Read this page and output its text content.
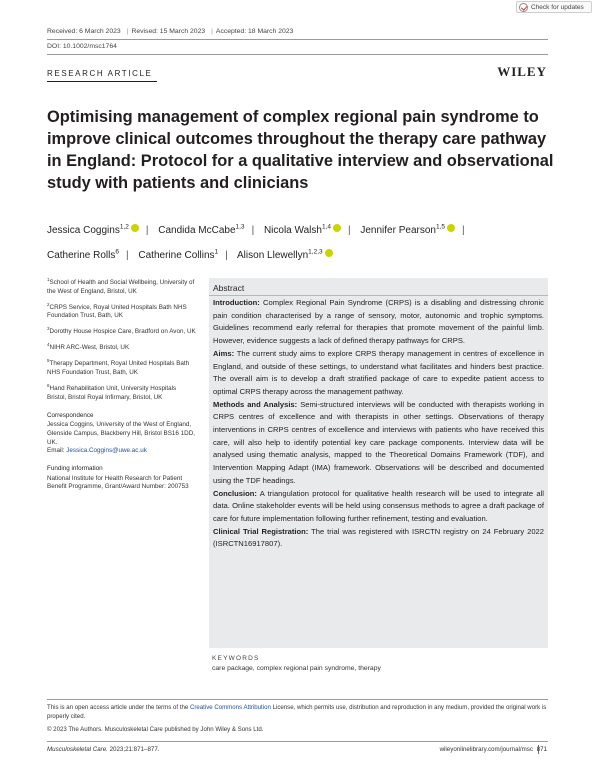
Check for updates
Received: 6 March 2023 | Revised: 15 March 2023 | Accepted: 18 March 2023
DOI: 10.1002/msc1764
RESEARCH ARTICLE	WILEY
Optimising management of complex regional pain syndrome to improve clinical outcomes throughout the therapy care pathway in England: Protocol for a qualitative interview and observational study with patients and clinicians
Jessica Coggins$^{1,2}$ iD | Candida McCabe$^{1,3}$ | Nicola Walsh$^{1,4}$ iD | Jennifer Pearson$^{1,5}$iD | Catherine Rolls$^6$ | Catherine Collins$^1$ | Alison Llewellyn$^{1,2,3}$iD
$^1$School of Health and Social Wellbeing, University of the West of England, Bristol, UK
$^2$CRPS Service, Royal United Hospitals Bath NHS Foundation Trust, Bath, UK
$^3$Dorothy House Hospice Care, Bradford on Avon, UK
$^4$NIHR ARC-West, Bristol, UK
$^5$Therapy Department, Royal United Hospitals Bath NHS Foundation Trust, Bath, UK
$^6$Hand Rehabilitation Unit, University Hospitals Bristol, Bristol Royal Infirmary, Bristol, UK
Correspondence
Jessica Coggins, University of the West of England, Glenside Campus, Blackberry Hill, Bristol BS16 1DD, UK.
Email: Jessica.Coggins@uwe.ac.uk
Funding information
National Institute for Health Research for Patient Benefit Programme, Grant/Award Number: 200753
Abstract

Introduction: Complex Regional Pain Syndrome (CRPS) is a disabling and distressing chronic pain condition characterised by a range of sensory, motor, autonomic and trophic symptoms. Guidelines recommend early referral for therapies that promote movement of the painful limb. However, evidence suggests a lack of defined therapy pathways for CRPS.

Aims: The current study aims to explore CRPS therapy management in centres of excellence in England, and outside of these settings, to understand what facilitates and hinders best practice. The overall aim is to develop a draft stratified package of care to expedite patient access to optimal CRPS therapy across the management pathway.

Methods and Analysis: Semi-structured interviews will be conducted with therapists working in CRPS centres of excellence and with therapists in other settings. Observations of therapy interventions in CRPS centres of excellence and interviews with patients who have received this care, will also help to identify potential key care package components. Interview data will be analysed using thematic analysis, mapped to the Theoretical Domains Framework (TDF), and Intervention Mapping Adapt (IMA) framework. Observations will be described and documented using the TDF headings.

Conclusion: A triangulation protocol for qualitative health research will be used to integrate all data. Online stakeholder events will be held using consensus methods to agree a draft package of care for future implementation following further refinement, testing and evaluation.

Clinical Trial Registration: The trial was registered with ISRCTN registry on 24 February 2022 (ISRCTN16917807).

KEYWORDS
care package, complex regional pain syndrome, therapy
This is an open access article under the terms of the Creative Commons Attribution License, which permits use, distribution and reproduction in any medium, provided the original work is properly cited.
© 2023 The Authors. Musculoskeletal Care published by John Wiley & Sons Ltd.
Musculoskeletal Care. 2023;21:871–877.	wileyonlinelibrary.com/journal/msc 871
